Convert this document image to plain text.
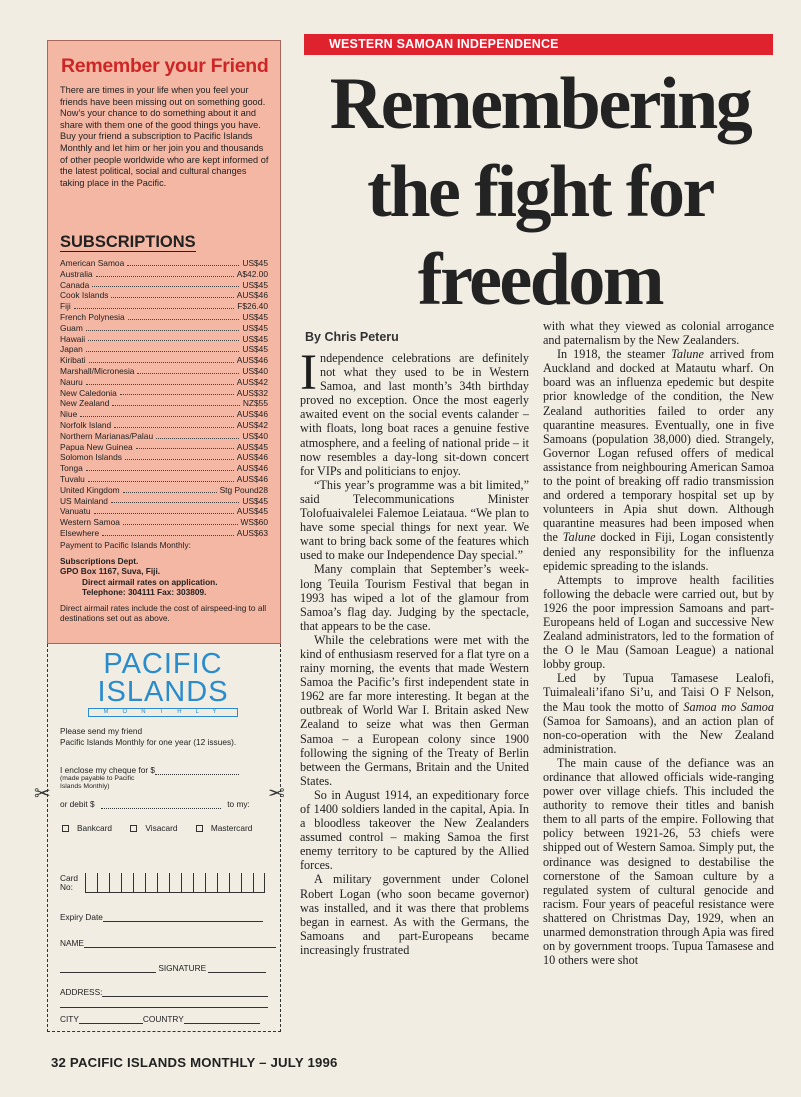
Remember your Friend
There are times in your life when you feel your friends have been missing out on something good. Now’s your chance to do something about it and share with them one of the good things you have. Buy your friend a subscription to Pacific Islands Monthly and let him or her join you and thousands of other people worldwide who are kept informed of the latest political, social and cultural changes taking place in the Pacific.
SUBSCRIPTIONS
American Samoa	US$45
Australia	A$42.00
Canada	US$45
Cook Islands	AUS$46
Fiji	F$26.40
French Polynesia	US$45
Guam	US$45
Hawaii	US$45
Japan	US$45
Kiribati	AUS$46
Marshall/Micronesia	US$40
Nauru	AUS$42
New Caledonia	AUS$32
New Zealand	NZ$55
Niue	AUS$46
Norfolk Island	AUS$42
Northern Marianas/Palau	US$40
Papua New Guinea	AUS$45
Solomon Islands	AUS$46
Tonga	AUS$46
Tuvalu	AUS$46
United Kingdom	Stg Pound28
US Mainland	US$45
Vanuatu	AUS$45
Western Samoa	WS$60
Elsewhere	AUS$63

Payment to Pacific Islands Monthly:

Subscriptions Dept.

GPO Box 1167, Suva, Fiji.

Direct airmail rates on application.

Telephone: 304111 Fax: 303809.

Direct airmail rates include the cost of airspeed-ing to all destinations set out as above.

PACIFIC
ISLANDS
MONTHLY
Please send my friend
Pacific Islands Monthly for one year (12 issues).
I enclose my cheque for $
(made payable to Pacific
Islands Monthly)
or debit $	to my:
Bankcard	Visacard	Mastercard
Card
No:
Expiry Date
NAME
SIGNATURE
ADDRESS:
CITY	COUNTRY
✂	✂
WESTERN SAMOAN INDEPENDENCE
Remembering the fight for freedom
By Chris Peteru

Independence celebrations are definitely not what they used to be in Western Samoa, and last month’s 34th birthday proved no exception. Once the most eagerly awaited event on the social events calander – with floats, long boat races a genuine festive atmosphere, and a feeling of national pride – it now resembles a day-long sit-down concert for VIPs and politicians to enjoy.

“This year’s programme was a bit limited,” said Telecommunications Minister Tolofuaivalelei Falemoe Leiataua. “We plan to have some special things for next year. We want to bring back some of the features which used to make our Independence Day special.”

Many complain that September’s week-long Teuila Tourism Festival that began in 1993 has wiped a lot of the glamour from Samoa’s flag day. Judging by the spectacle, that appears to be the case.

While the celebrations were met with the kind of enthusiasm reserved for a flat tyre on a rainy morning, the events that made Western Samoa the Pacific’s first independent state in 1962 are far more interesting. It began at the outbreak of World War I. Britain asked New Zealand to seize what was then German Samoa – a European colony since 1900 following the signing of the Treaty of Berlin between the Germans, Britain and the United States.

So in August 1914, an expeditionary force of 1400 soldiers landed in the capital, Apia. In a bloodless takeover the New Zealanders assumed control – making Samoa the first enemy territory to be captured by the Allied forces.

A military government under Colonel Robert Logan (who soon became governor) was installed, and it was there that problems began in earnest. As with the Germans, the Samoans and part-Europeans became increasingly frustrated

with what they viewed as colonial arrogance and paternalism by the New Zealanders.

In 1918, the steamer Talune arrived from Auckland and docked at Matautu wharf. On board was an influenza epedemic but despite prior knowledge of the condition, the New Zealand authorities failed to order any quarantine measures. Eventually, one in five Samoans (population 38,000) died. Strangely, Governor Logan refused offers of medical assistance from neighbouring American Samoa to the point of breaking off radio transmission and ordered a temporary hospital set up by volunteers in Apia shut down. Although quarantine measures had been imposed when the Talune docked in Fiji, Logan consistently denied any responsibility for the influenza epidemic spreading to the islands.

Attempts to improve health facilities following the debacle were carried out, but by 1926 the poor impression Samoans and part-Europeans held of Logan and successive New Zealand administrators, led to the formation of the O le Mau (Samoan League) a national lobby group.

Led by Tupua Tamasese Lealofi, Tuimaleali’ifano Si’u, and Taisi O F Nelson, the Mau took the motto of Samoa mo Samoa (Samoa for Samoans), and an action plan of non-co-operation with the New Zealand administration.

The main cause of the defiance was an ordinance that allowed officials wide-ranging power over village chiefs. This included the authority to remove their titles and banish them to all parts of the empire. Following that policy between 1921-26, 53 chiefs were shipped out of Western Samoa. Simply put, the ordinance was designed to destabilise the cornerstone of the Samoan culture by a regulated system of cultural genocide and racism. Four years of peaceful resistance were shattered on Christmas Day, 1929, when an unarmed demonstration through Apia was fired on by government troops. Tupua Tamasese and 10 others were shot

32 PACIFIC ISLANDS MONTHLY – JULY 1996
